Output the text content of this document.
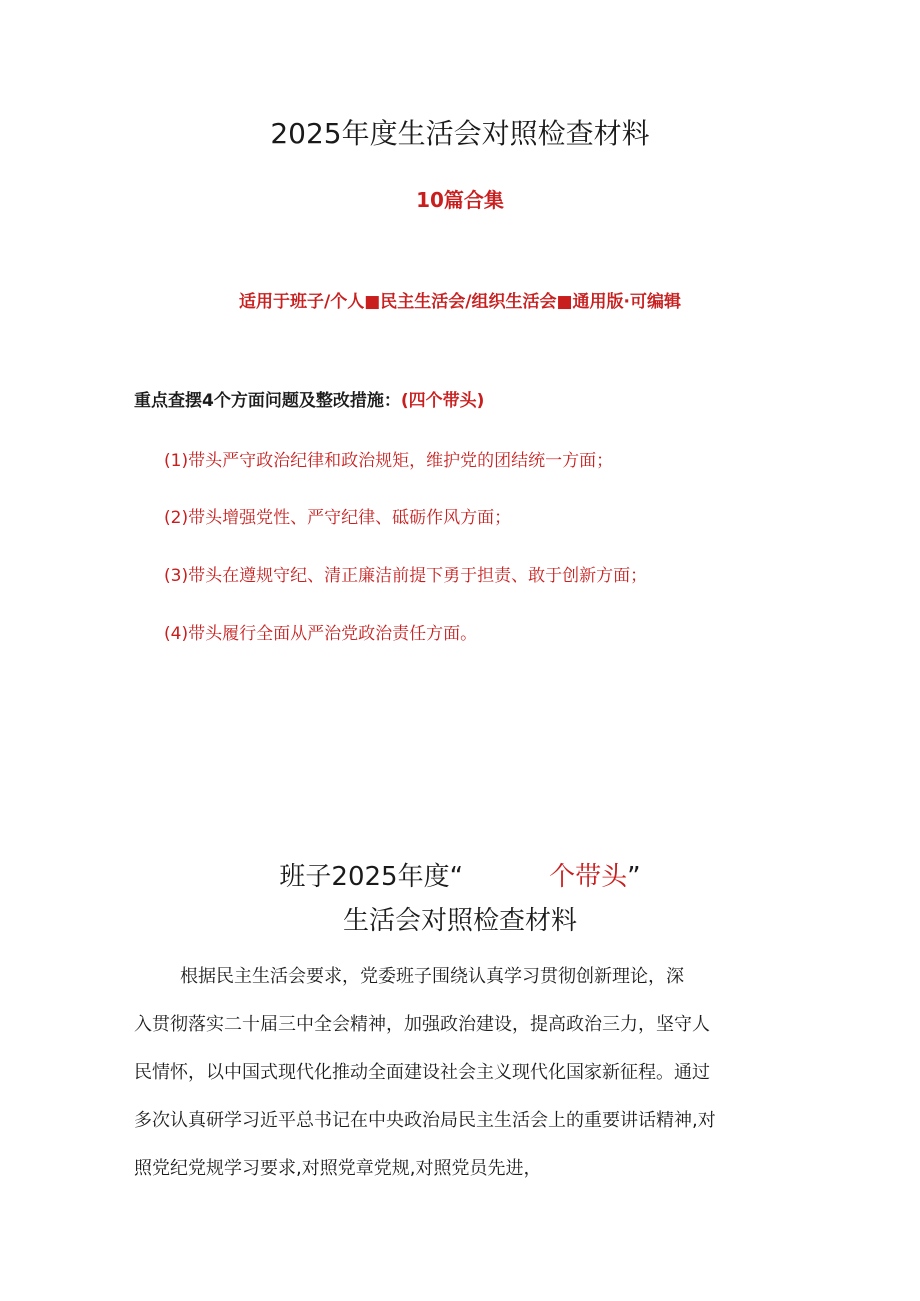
2025年度生活会对照检查材料
10篇合集
适用于班子/个人■民主生活会/组织生活会■通用版·可编辑
重点查摆4个方面问题及整改措施：(四个带头)
(1)带头严守政治纪律和政治规矩，维护党的团结统一方面；
(2)带头增强党性、严守纪律、砥砺作风方面；
(3)带头在遵规守纪、清正廉洁前提下勇于担责、敢于创新方面；
(4)带头履行全面从严治党政治责任方面。
班子2025年度“	个带头”
生活会对照检查材料
根据民主生活会要求，党委班子围绕认真学习贯彻创新理论，深
入贯彻落实二十届三中全会精神，加强政治建设，提高政治三力，坚守人
民情怀，以中国式现代化推动全面建设社会主义现代化国家新征程。通过
多次认真研学习近平总书记在中央政治局民主生活会上的重要讲话精神,对
照党纪党规学习要求,对照党章党规,对照党员先进，
